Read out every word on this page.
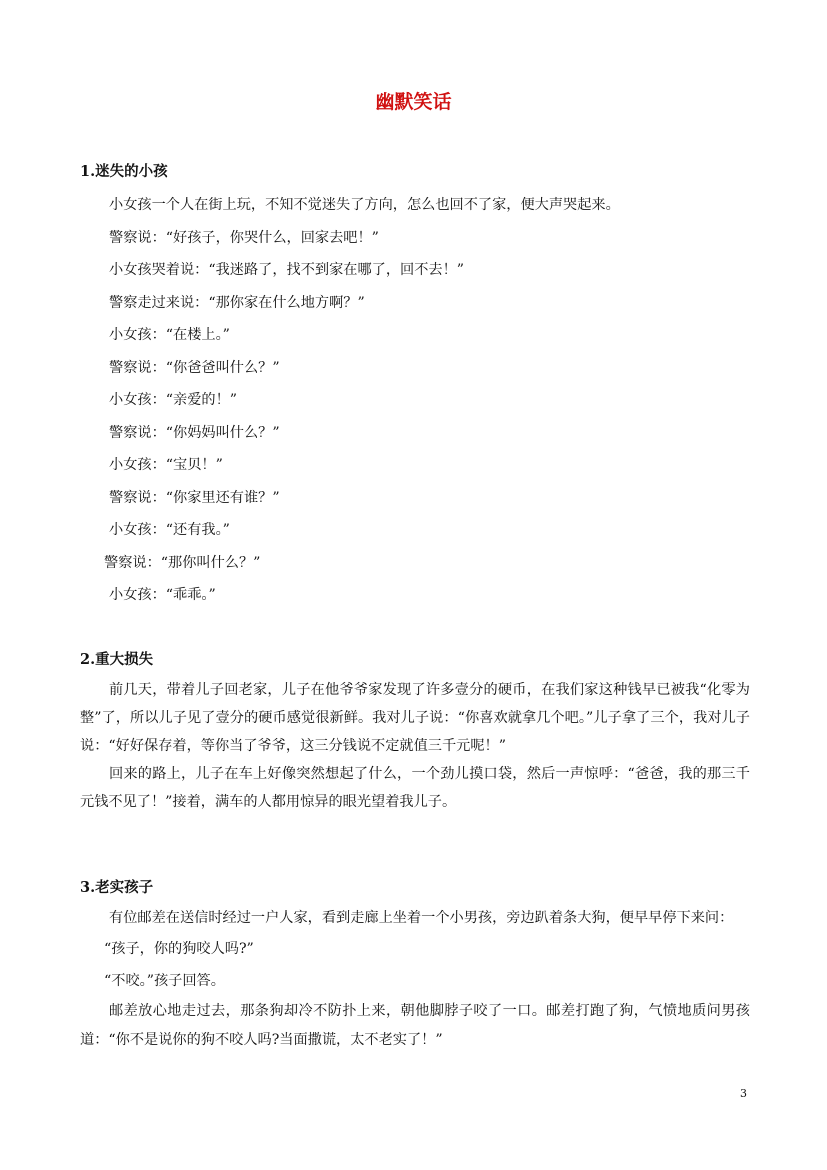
幽默笑话

1.迷失的小孩

小女孩一个人在街上玩，不知不觉迷失了方向，怎么也回不了家，便大声哭起来。

警察说：“好孩子，你哭什么，回家去吧！”

小女孩哭着说：“我迷路了，找不到家在哪了，回不去！”

警察走过来说：“那你家在什么地方啊？”

小女孩：“在楼上。”

警察说：“你爸爸叫什么？”

小女孩：“亲爱的！”

警察说：“你妈妈叫什么？”

小女孩：“宝贝！”

警察说：“你家里还有谁？”

小女孩：“还有我。”

警察说：“那你叫什么？”

小女孩：“乖乖。”

2.重大损失

前几天，带着儿子回老家，儿子在他爷爷家发现了许多壹分的硬币，在我们家这种钱早已被我“化零为整”了，所以儿子见了壹分的硬币感觉很新鲜。我对儿子说：“你喜欢就拿几个吧。”儿子拿了三个，我对儿子说：“好好保存着，等你当了爷爷，这三分钱说不定就值三千元呢！”

回来的路上，儿子在车上好像突然想起了什么，一个劲儿摸口袋，然后一声惊呼：“爸爸，我的那三千元钱不见了！”接着，满车的人都用惊异的眼光望着我儿子。

3.老实孩子

有位邮差在送信时经过一户人家，看到走廊上坐着一个小男孩，旁边趴着条大狗，便早早停下来问：

“孩子，你的狗咬人吗?”

“不咬。”孩子回答。

邮差放心地走过去，那条狗却冷不防扑上来，朝他脚脖子咬了一口。邮差打跑了狗，气愤地质问男孩道：“你不是说你的狗不咬人吗?当面撒谎，太不老实了！”

3
